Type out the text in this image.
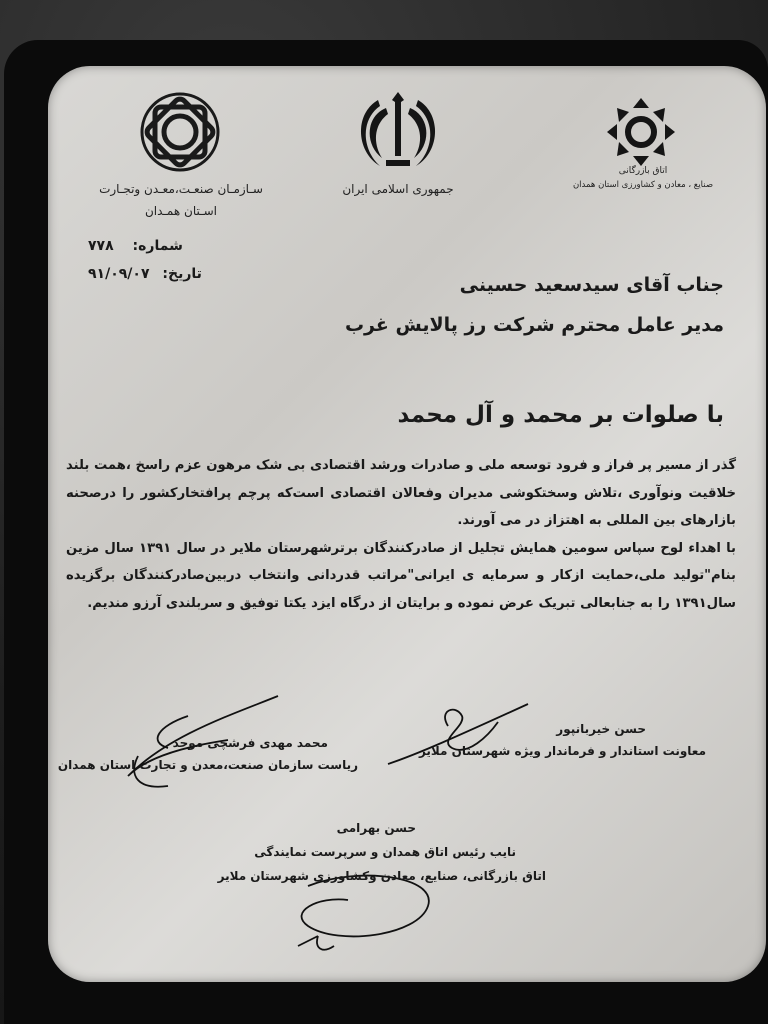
سـازمـان صنعـت،معـدن وتجـارت
اسـتان همـدان
جمهوری اسلامی ایران
اتاق بازرگانی
صنایع ، معادن و کشاورزی استان همدان
شماره: ۷۷۸
تاریخ: ۹۱/۰۹/۰۷	جناب آقای سیدسعید حسینی
مدیر عامل محترم شرکت رز پالایش غرب
با صلوات بر محمد و آل محمد

گذر از مسیر پر فراز و فرود توسعه ملی و صادرات ورشد اقتصادی بی شک مرهون عزم راسخ ،همت بلند خلاقیت ونوآوری ،تلاش وسختکوشی مدیران وفعالان اقتصادی است‌که پرچم پرافتخارکشور را درصحنه بازارهای بین المللی به اهتزاز در می آورند.

با اهداء لوح سپاس سومین همایش تجلیل از صادرکنندگان برترشهرستان ملایر در سال ۱۳۹۱ سال مزین بنام"تولید ملی،حمایت ازکار و سرمایه ی ایرانی"مراتب قدردانی وانتخاب دربین‌صادرکنندگان برگزیده سال۱۳۹۱ را به جنابعالی تبریک عرض نموده و برایتان از درگاه ایزد یکتا توفیق و سربلندی آرزو مندیم.

حسن خیربانپور
معاونت استاندار و فرماندار ویژه شهرستان ملایر
محمد مهدی فرشچی موحد
ریاست سازمان صنعت،معدن و تجارت استان همدان
حسن بهرامی
نایب رئیس اتاق همدان و سرپرست نمایندگی
اتاق بازرگانی، صنایع، معادن وکشاورزی شهرستان ملایر
